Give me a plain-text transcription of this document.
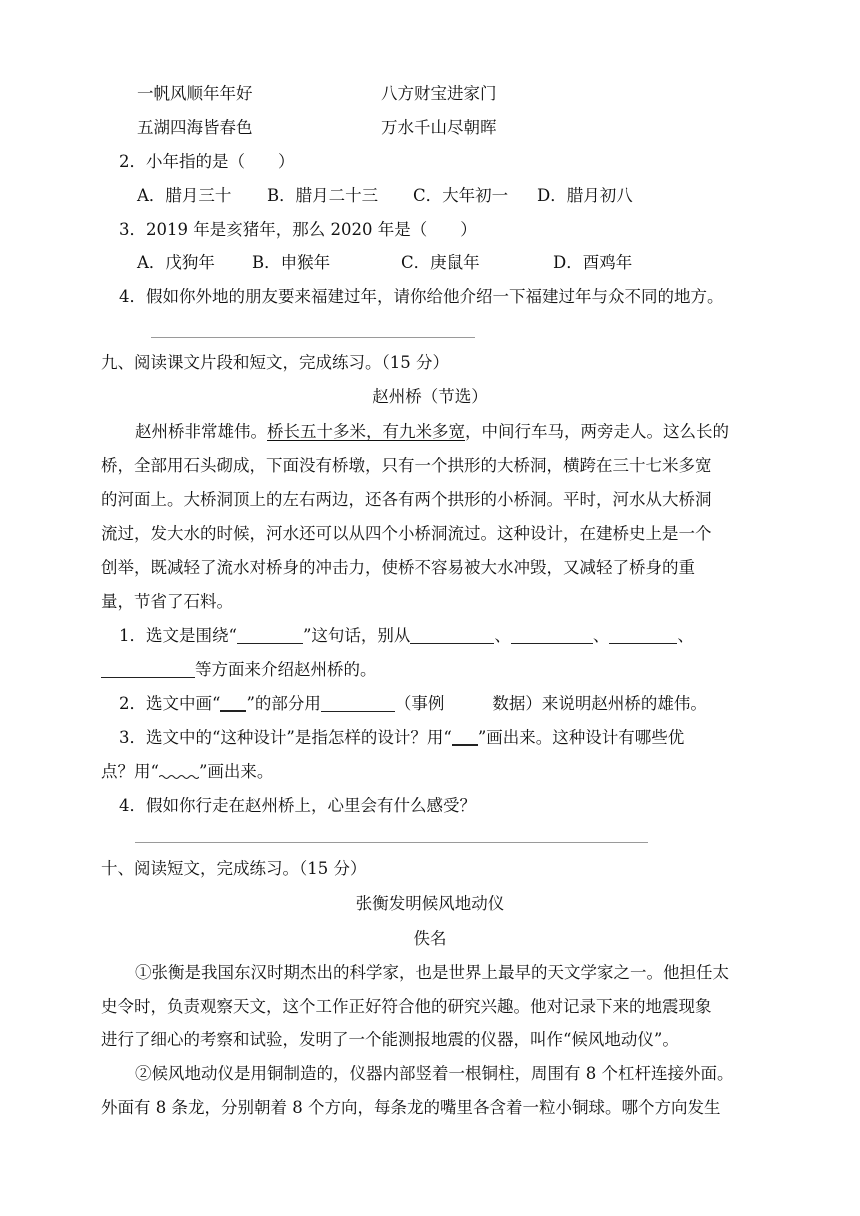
一帆风顺年年好	八方财宝进家门
五湖四海皆春色	万水千山尽朝晖
2．小年指的是（　　）
A．腊月三十 B．腊月二十三 C．大年初一 D．腊月初八
3．2019 年是亥猪年，那么 2020 年是（　　）
A．戊狗年 B．申猴年	C．庚鼠年	D．酉鸡年
4．假如你外地的朋友要来福建过年，请你给他介绍一下福建过年与众不同的地方。
九、阅读课文片段和短文，完成练习。（15 分）
赵州桥（节选）
赵州桥非常雄伟。桥长五十多米，有九米多宽，中间行车马，两旁走人。这么长的
桥，全部用石头砌成，下面没有桥墩，只有一个拱形的大桥洞，横跨在三十七米多宽
的河面上。大桥洞顶上的左右两边，还各有两个拱形的小桥洞。平时，河水从大桥洞
流过，发大水的时候，河水还可以从四个小桥洞流过。这种设计，在建桥史上是一个
创举，既减轻了流水对桥身的冲击力，使桥不容易被大水冲毁，又减轻了桥身的重
量，节省了石料。
1．选文是围绕“	”这句话，别从	、	、	、
等方面来介绍赵州桥的。
2．选文中画“ ”的部分用	（事例	数据）来说明赵州桥的雄伟。
3．选文中的“这种设计”是指怎样的设计？用“ ”画出来。这种设计有哪些优
点？用“ ”画出来。
4．假如你行走在赵州桥上，心里会有什么感受？
十、阅读短文，完成练习。（15 分）
张衡发明候风地动仪
佚名
①张衡是我国东汉时期杰出的科学家，也是世界上最早的天文学家之一。他担任太
史令时，负责观察天文，这个工作正好符合他的研究兴趣。他对记录下来的地震现象
进行了细心的考察和试验，发明了一个能测报地震的仪器，叫作“候风地动仪”。
②候风地动仪是用铜制造的，仪器内部竖着一根铜柱，周围有 8 个杠杆连接外面。
外面有 8 条龙，分别朝着 8 个方向，每条龙的嘴里各含着一粒小铜球。哪个方向发生
